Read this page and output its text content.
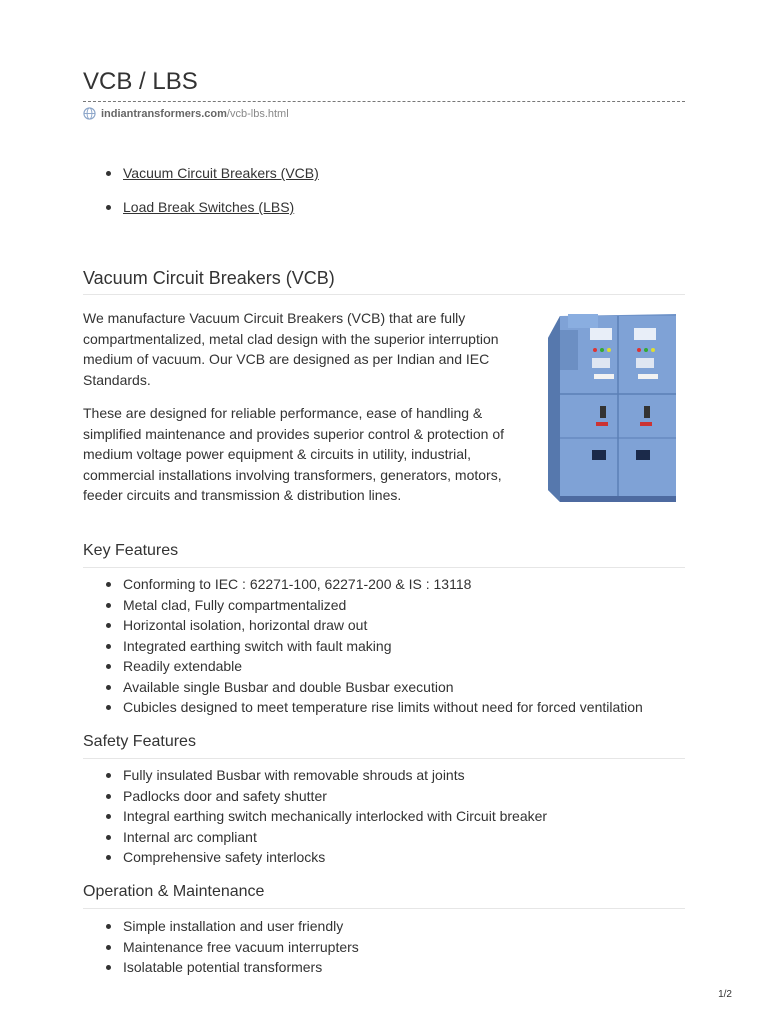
VCB / LBS
indiantransformers.com /vcb-lbs.html
Vacuum Circuit Breakers (VCB)
Load Break Switches (LBS)
Vacuum Circuit Breakers (VCB)

We manufacture Vacuum Circuit Breakers (VCB) that are fully compartmentalized, metal clad design with the superior interruption medium of vacuum. Our VCB are designed as per Indian and IEC Standards.

These are designed for reliable performance, ease of handling & simplified maintenance and provides superior control & protection of medium voltage power equipment & circuits in utility, industrial, commercial installations involving transformers, generators, motors, feeder circuits and transmission & distribution lines.

Key Features
Conforming to IEC : 62271-100, 62271-200 & IS : 13118
Metal clad, Fully compartmentalized
Horizontal isolation, horizontal draw out
Integrated earthing switch with fault making
Readily extendable
Available single Busbar and double Busbar execution
Cubicles designed to meet temperature rise limits without need for forced ventilation
Safety Features
Fully insulated Busbar with removable shrouds at joints
Padlocks door and safety shutter
Integral earthing switch mechanically interlocked with Circuit breaker
Internal arc compliant
Comprehensive safety interlocks
Operation & Maintenance
Simple installation and user friendly
Maintenance free vacuum interrupters
Isolatable potential transformers
1/2
